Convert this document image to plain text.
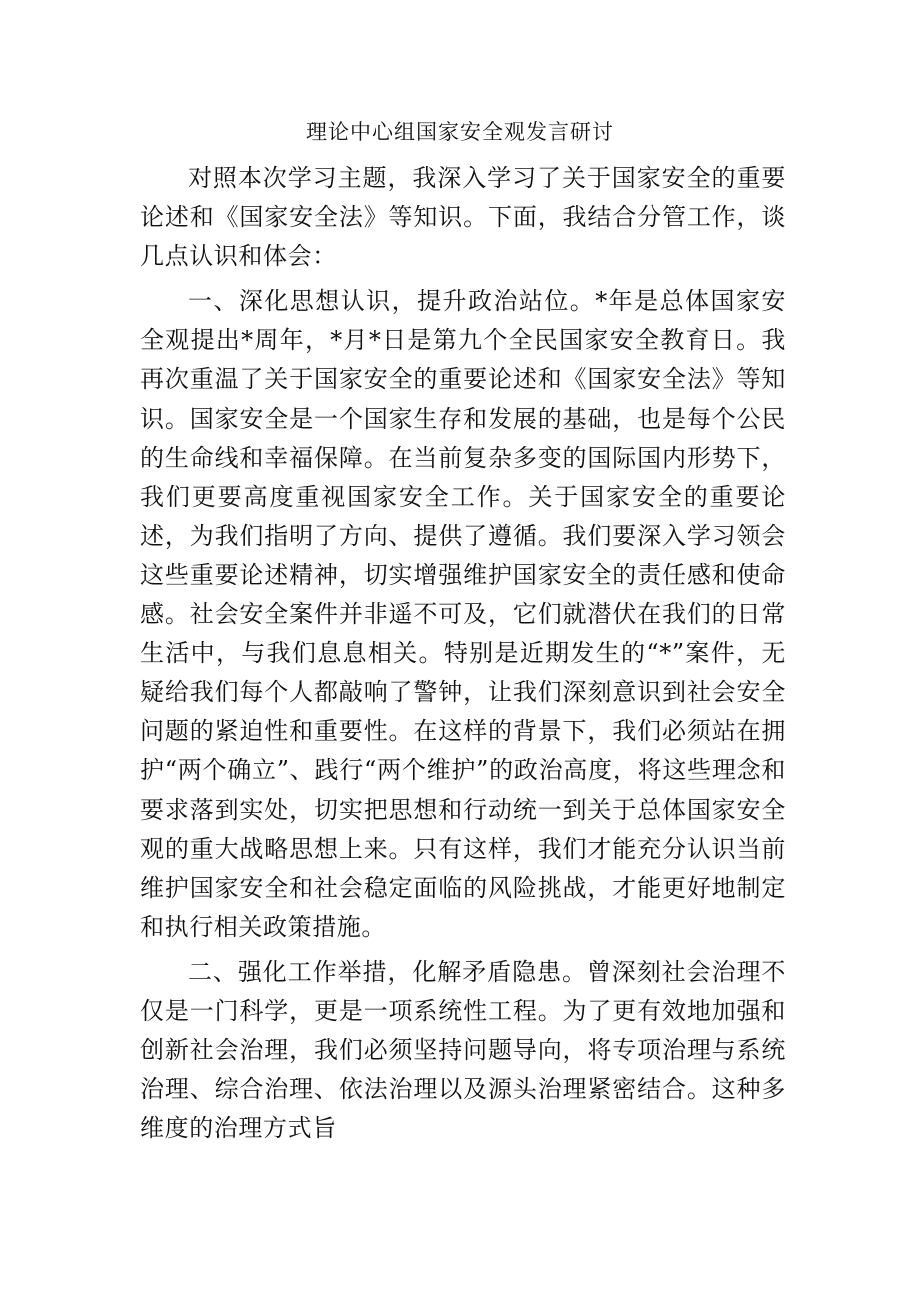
理论中心组国家安全观发言研讨

对照本次学习主题，我深入学习了关于国家安全的重要论述和《国家安全法》等知识。下面，我结合分管工作，谈几点认识和体会：

一、深化思想认识，提升政治站位。*年是总体国家安全观提出*周年，*月*日是第九个全民国家安全教育日。我再次重温了关于国家安全的重要论述和《国家安全法》等知识。国家安全是一个国家生存和发展的基础，也是每个公民的生命线和幸福保障。在当前复杂多变的国际国内形势下，我们更要高度重视国家安全工作。关于国家安全的重要论述，为我们指明了方向、提供了遵循。我们要深入学习领会这些重要论述精神，切实增强维护国家安全的责任感和使命感。社会安全案件并非遥不可及，它们就潜伏在我们的日常生活中，与我们息息相关。特别是近期发生的“*”案件，无疑给我们每个人都敲响了警钟，让我们深刻意识到社会安全问题的紧迫性和重要性。在这样的背景下，我们必须站在拥护“两个确立”、践行“两个维护”的政治高度，将这些理念和要求落到实处，切实把思想和行动统一到关于总体国家安全观的重大战略思想上来。只有这样，我们才能充分认识当前维护国家安全和社会稳定面临的风险挑战，才能更好地制定和执行相关政策措施。

二、强化工作举措，化解矛盾隐患。曾深刻社会治理不仅是一门科学，更是一项系统性工程。为了更有效地加强和创新社会治理，我们必须坚持问题导向，将专项治理与系统治理、综合治理、依法治理以及源头治理紧密结合。这种多维度的治理方式旨
